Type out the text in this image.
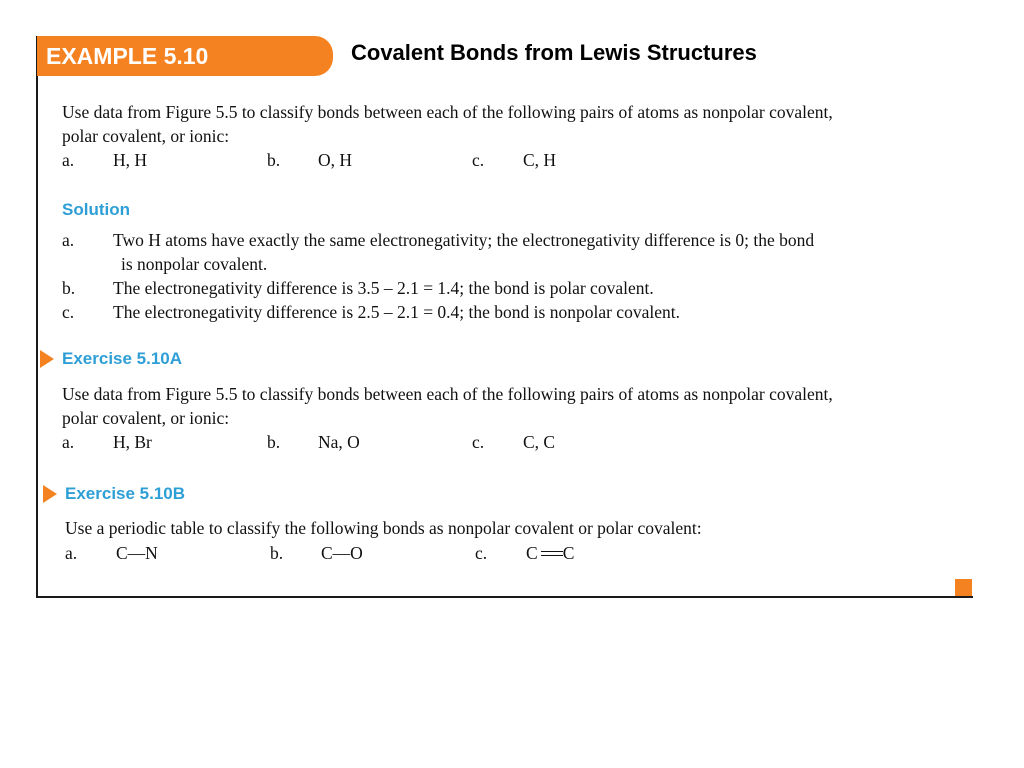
EXAMPLE 5.10	Covalent Bonds from Lewis Structures
Use data from Figure 5.5 to classify bonds between each of the following pairs of atoms as nonpolar covalent,
polar covalent, or ionic:
a. H, H	b. O, H	c. C, H
Solution
a. Two H atoms have exactly the same electronegativity; the electronegativity difference is 0; the bond
is nonpolar covalent.
b. The electronegativity difference is 3.5 – 2.1 = 1.4; the bond is polar covalent.
c. The electronegativity difference is 2.5 – 2.1 = 0.4; the bond is nonpolar covalent.
Exercise 5.10A
Use data from Figure 5.5 to classify bonds between each of the following pairs of atoms as nonpolar covalent,
polar covalent, or ionic:
a. H, Br	b. Na, O	c. C, C
Exercise 5.10B
Use a periodic table to classify the following bonds as nonpolar covalent or polar covalent:
a. C—N	b. C—O	c. C C
